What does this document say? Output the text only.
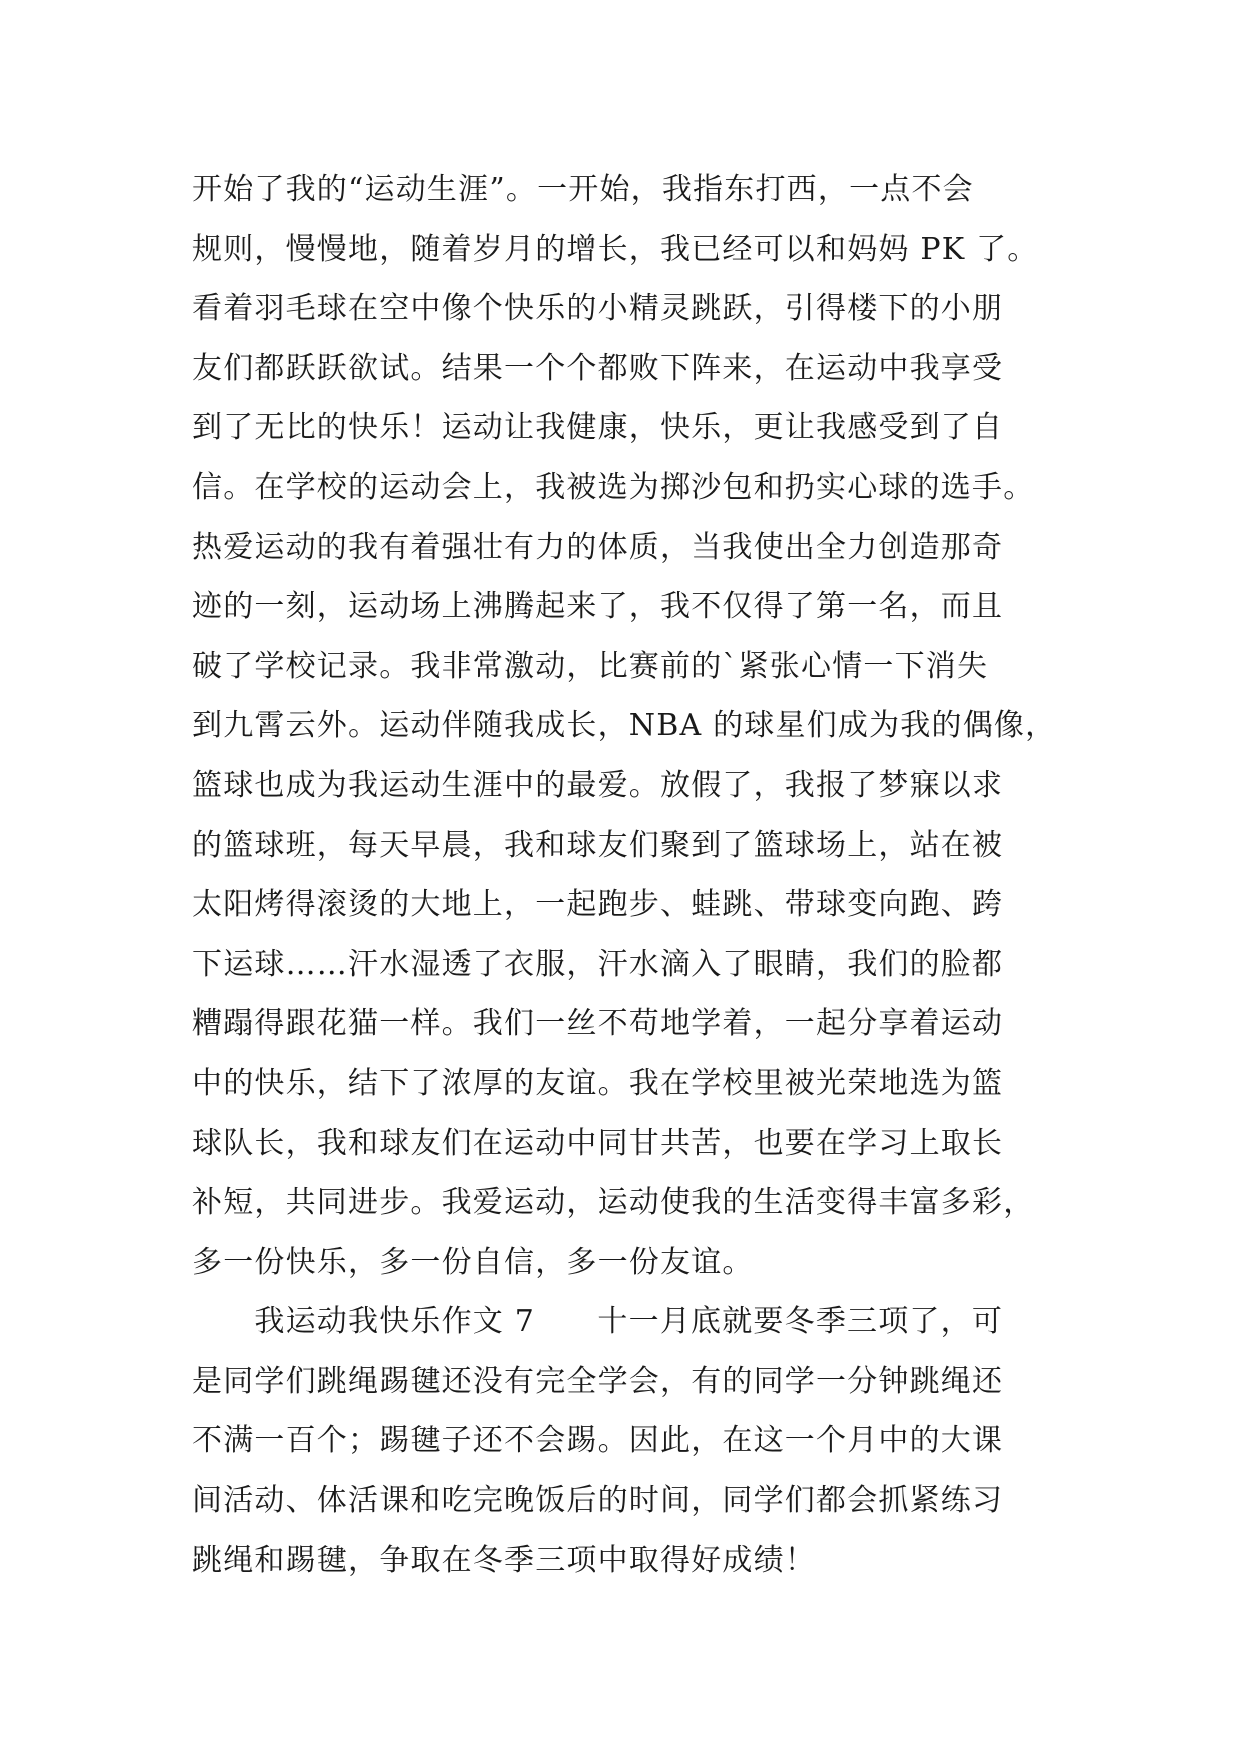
开始了我的“运动生涯”。一开始，我指东打西，一点不会
规则，慢慢地，随着岁月的增长，我已经可以和妈妈 PK 了。
看着羽毛球在空中像个快乐的小精灵跳跃，引得楼下的小朋
友们都跃跃欲试。结果一个个都败下阵来，在运动中我享受
到了无比的快乐！运动让我健康，快乐，更让我感受到了自
信。在学校的运动会上，我被选为掷沙包和扔实心球的选手。
热爱运动的我有着强壮有力的体质，当我使出全力创造那奇
迹的一刻，运动场上沸腾起来了，我不仅得了第一名，而且
破了学校记录。我非常激动，比赛前的`紧张心情一下消失
到九霄云外。运动伴随我成长，NBA 的球星们成为我的偶像，
篮球也成为我运动生涯中的最爱。放假了，我报了梦寐以求
的篮球班，每天早晨，我和球友们聚到了篮球场上，站在被
太阳烤得滚烫的大地上，一起跑步、蛙跳、带球变向跑、跨
下运球……汗水湿透了衣服，汗水滴入了眼睛，我们的脸都
糟蹋得跟花猫一样。我们一丝不苟地学着，一起分享着运动
中的快乐，结下了浓厚的友谊。我在学校里被光荣地选为篮
球队长，我和球友们在运动中同甘共苦，也要在学习上取长
补短，共同进步。我爱运动，运动使我的生活变得丰富多彩，
多一份快乐，多一份自信，多一份友谊。
　　我运动我快乐作文 7　　十一月底就要冬季三项了，可
是同学们跳绳踢毽还没有完全学会，有的同学一分钟跳绳还
不满一百个；踢毽子还不会踢。因此，在这一个月中的大课
间活动、体活课和吃完晚饭后的时间，同学们都会抓紧练习
跳绳和踢毽，争取在冬季三项中取得好成绩！
